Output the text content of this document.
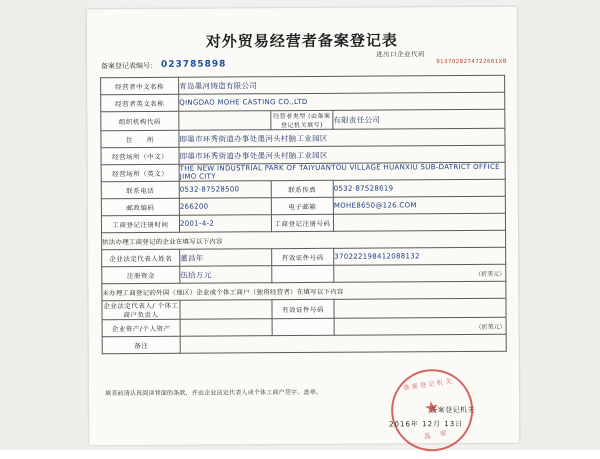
对外贸易经营者备案登记表
进出口企业代码
备案登记表编号： 023785898	9137028274722661XB
经营者中文名称	青岛墨河铸造有限公司		
经营者英文名称	QINGDAO MOHE CASTING CO.,LTD		
组织机构代码		经营者类型 (由备案登记机关填写)	有限责任公司
住　　所	即墨市环秀街道办事处墨河头村脑工业园区		
经营场所（中文）	即墨市环秀街道办事处墨河头村脑工业园区		
经营场所（英文）	THE NEW INDUSTRIAL PARK OF TAIYUANTOU VILLAGE HUANXIU SUB-DATRICT OFFICE JIMO CITY		
联系电话	0532·87528500	联系传真	0532·87528619
邮政编码	266200	电子邮箱	MOHE8650@126.COM
工商登记注册时间	2001-4-2	工商登记注册号码	
依法办理工商登记的企业在填写以下内容			
企业法定代表人姓名	董昌年	有效证件号码	370222198412088132
注册资金	伍拾万元		（折美元）
未办理工商登记的外国（地区）企业或个体工商户（独资经营者）在填写以下内容			
企业法定代表人/ 个体工商户负责人		有效证件号码	
企业资产/个人资产			（折美元）
备注			
填表前请认真阅读背面的条款，并由企业法定代表人或个体工商户签字、盖章。
备案登记机关
备案登记机关
★
盖　章
2016年 12月 13日
